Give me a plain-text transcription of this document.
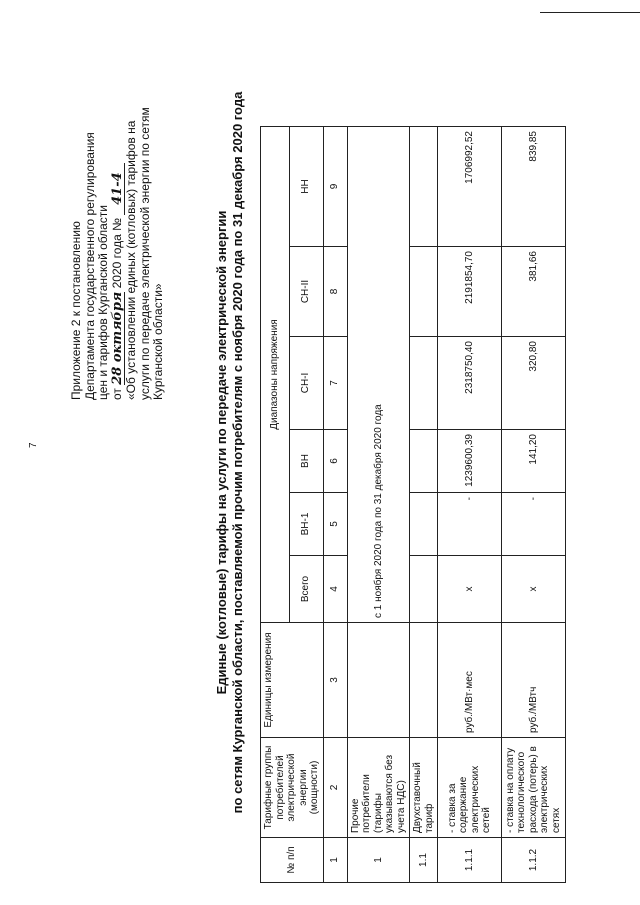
7
Приложение 2 к постановлению Департамента государственного регулирования цен и тарифов Курганской области от 28 октября 2020 года № 41-4 «Об установлении единых (котловых) тарифов на услуги по передаче электрической энергии по сетям Курганской области»	Единые (котловые) тарифы на услуги по передаче электрической энергии по сетям Курганской области, поставляемой прочим потребителям с ноября 2020 года по 31 декабря 2020 года
№ п/п	Тарифные группы потребителей электрической энергии (мощности)	Единицы измерения	Диапазоны напряжения					
			Всего	ВН-1	ВН	СН-I	СН-II	НН
1	2	3	4	5	6	7	8	9
1	Прочие потребители (тарифы указываются без учета НДС)		с 1 ноября 2020 года по 31 декабря 2020 года					
1.1	Двухставочный тариф							
1.1.1	- ставка за содержание электрических сетей	руб./МВт·мес	х	-	1239600,39	2318750,40	2191854,70	1706992,52
1.1.2	- ставка на оплату технологического расхода (потерь) в электрических сетях	руб./МВтч	х	-	141,20	320,80	381,66	839,85
